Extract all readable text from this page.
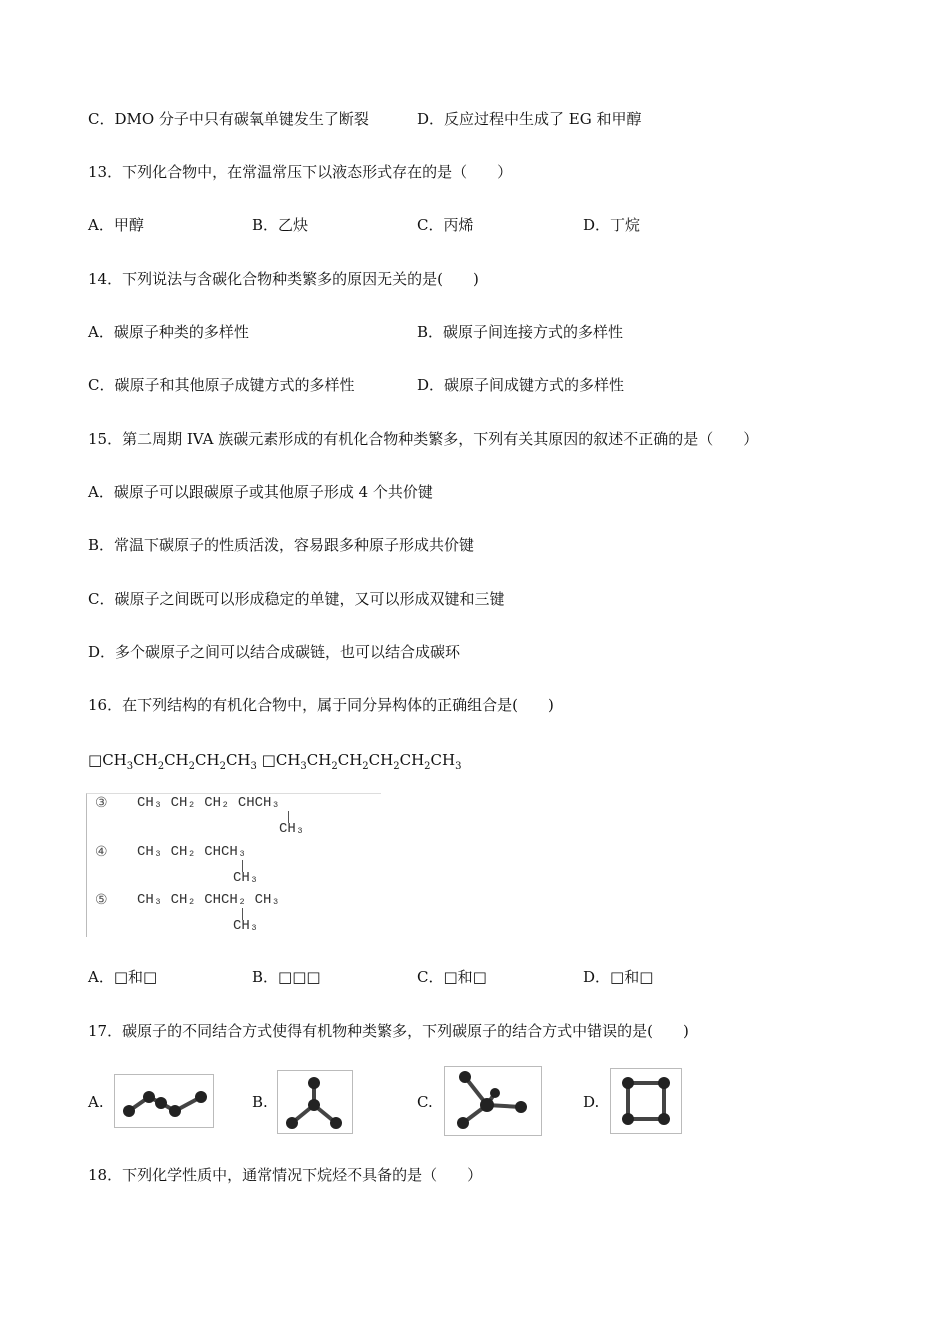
C．DMO 分子中只有碳氧单键发生了断裂	D．反应过程中生成了 EG 和甲醇
13．下列化合物中，在常温常压下以液态形式存在的是（　　）
A．甲醇	B．乙炔	C．丙烯	D．丁烷
14．下列说法与含碳化合物种类繁多的原因无关的是(　　)
A．碳原子种类的多样性	B．碳原子间连接方式的多样性
C．碳原子和其他原子成键方式的多样性	D．碳原子间成键方式的多样性
15．第二周期 IVA 族碳元素形成的有机化合物种类繁多，下列有关其原因的叙述不正确的是（　　）
A．碳原子可以跟碳原子或其他原子形成 4 个共价键
B．常温下碳原子的性质活泼，容易跟多种原子形成共价键
C．碳原子之间既可以形成稳定的单键，又可以形成双键和三键
D．多个碳原子之间可以结合成碳链，也可以结合成碳环
16．在下列结构的有机化合物中，属于同分异构体的正确组合是(　　)
$□CH_3CH_2CH_2CH_2CH_3$ $□CH_3CH_2CH_2CH_2CH_2CH_3$
③ CH₃ CH₂ CH₂ CHCH₃
CH₃
④ CH₃ CH₂ CHCH₃
CH₃
⑤ CH₃ CH₂ CHCH₂ CH₃
CH₃
A．□和□	B．□□□	C．□和□	D．□和□
17．碳原子的不同结合方式使得有机物种类繁多，下列碳原子的结合方式中错误的是(　　)
A.	B.	C.	D.
18．下列化学性质中，通常情况下烷烃不具备的是（　　）
